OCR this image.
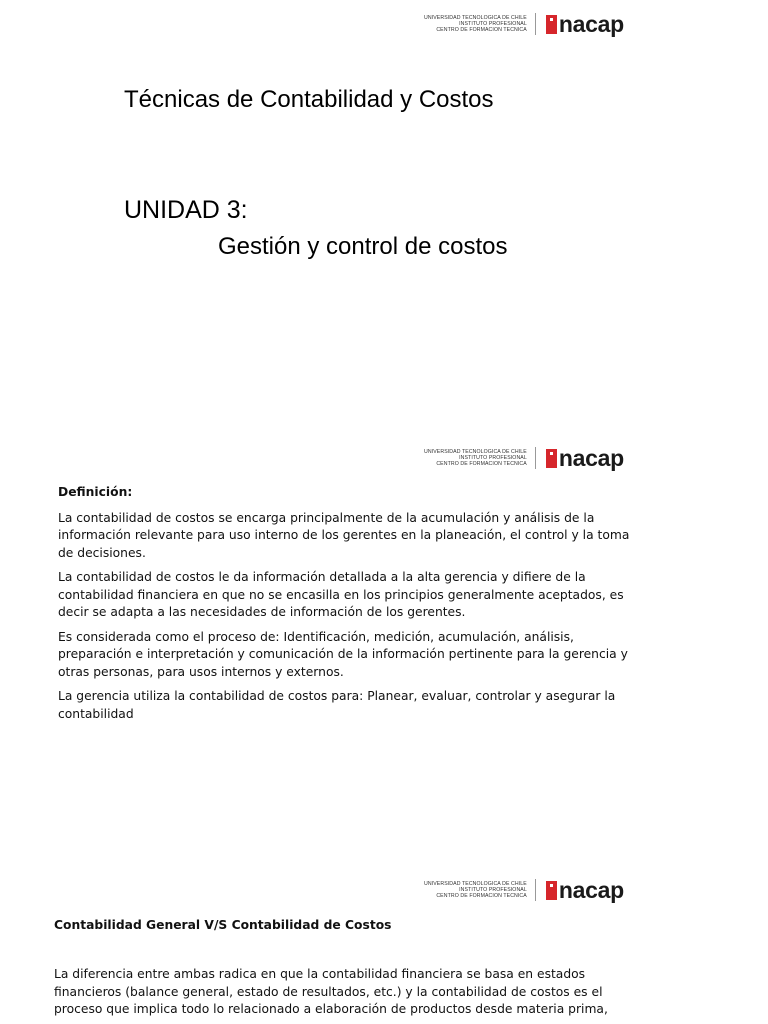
UNIVERSIDAD TECNOLOGICA DE CHILE
INSTITUTO PROFESIONAL
CENTRO DE FORMACION TECNICA nacap
Técnicas de Contabilidad y Costos
UNIDAD 3:
Gestión y control de costos
UNIVERSIDAD TECNOLOGICA DE CHILE
INSTITUTO PROFESIONAL
CENTRO DE FORMACION TECNICA nacap

Definición:

La contabilidad de costos se encarga principalmente de la acumulación y análisis de la información relevante para uso interno de los gerentes en la planeación, el control y la toma de decisiones.

La contabilidad de costos le da información detallada a la alta gerencia y difiere de la contabilidad financiera en que no se encasilla en los principios generalmente aceptados, es decir se adapta a las necesidades de información de los gerentes.

Es considerada como el proceso de: Identificación, medición, acumulación, análisis, preparación e interpretación y comunicación de la información pertinente para la gerencia y otras personas, para usos internos y externos.

La gerencia utiliza la contabilidad de costos para: Planear, evaluar, controlar y asegurar la contabilidad

UNIVERSIDAD TECNOLOGICA DE CHILE
INSTITUTO PROFESIONAL
CENTRO DE FORMACION TECNICA nacap
Contabilidad General V/S Contabilidad de Costos
La diferencia entre ambas radica en que la contabilidad financiera se basa en estados financieros (balance general, estado de resultados, etc.) y la contabilidad de costos es el proceso que implica todo lo relacionado a elaboración de productos desde materia prima,
